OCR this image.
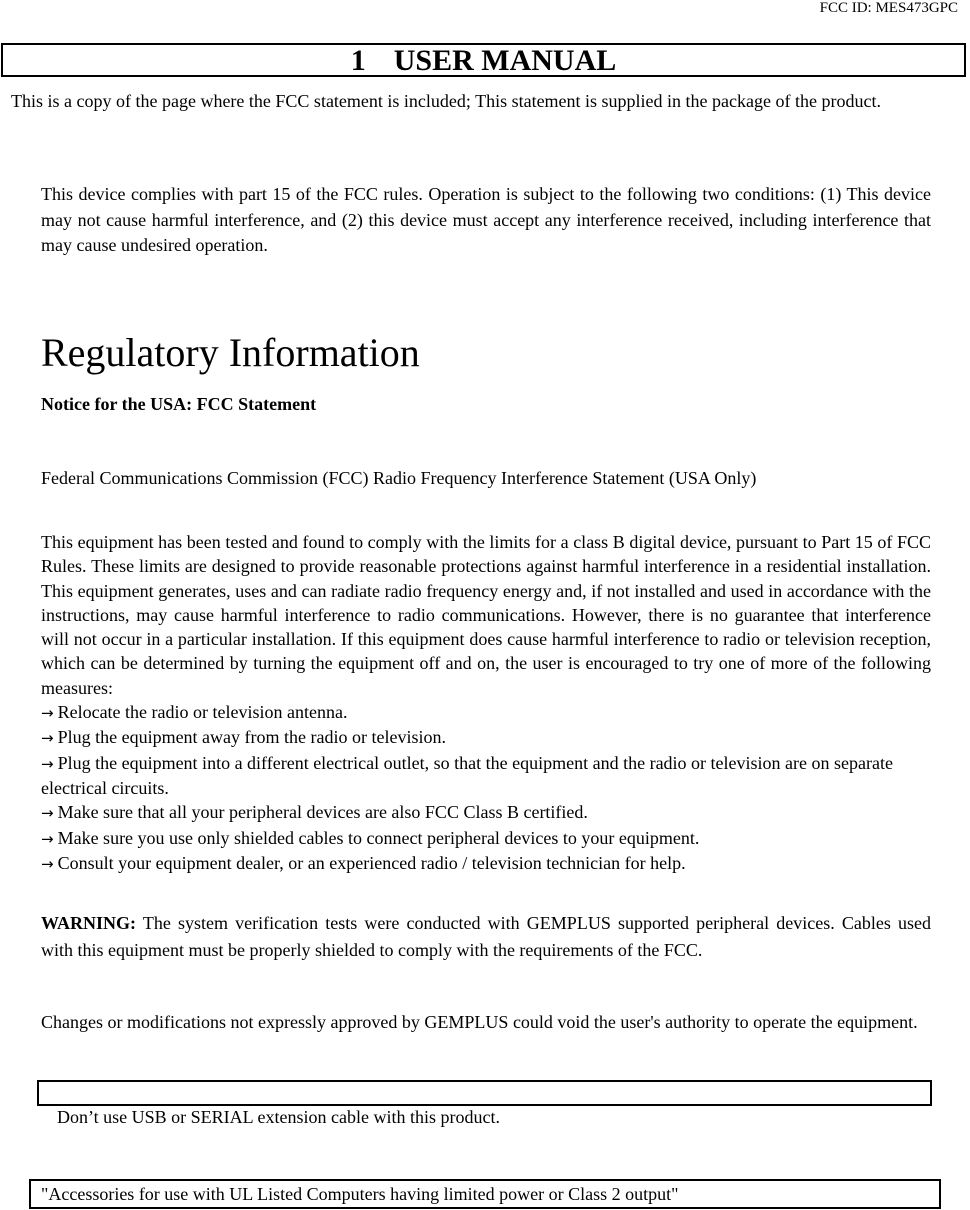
FCC ID: MES473GPC
1 USER MANUAL
This is a copy of the page where the FCC statement is included; This statement is supplied in the package of the product.
This device complies with part 15 of the FCC rules. Operation is subject to the following two conditions: (1) This device may not cause harmful interference, and (2) this device must accept any interference received, including interference that may cause undesired operation.
Regulatory Information
Notice for the USA: FCC Statement
Federal Communications Commission (FCC) Radio Frequency Interference Statement (USA Only)
This equipment has been tested and found to comply with the limits for a class B digital device, pursuant to Part 15 of FCC Rules. These limits are designed to provide reasonable protections against harmful interference in a residential installation. This equipment generates, uses and can radiate radio frequency energy and, if not installed and used in accordance with the instructions, may cause harmful interference to radio communications. However, there is no guarantee that interference will not occur in a particular installation. If this equipment does cause harmful interference to radio or television reception, which can be determined by turning the equipment off and on, the user is encouraged to try one of more of the following measures:
→ Relocate the radio or television antenna.
→ Plug the equipment away from the radio or television.
→ Plug the equipment into a different electrical outlet, so that the equipment and the radio or television are on separate electrical circuits.
→ Make sure that all your peripheral devices are also FCC Class B certified.
→ Make sure you use only shielded cables to connect peripheral devices to your equipment.
→ Consult your equipment dealer, or an experienced radio / television technician for help.
WARNING: The system verification tests were conducted with GEMPLUS supported peripheral devices. Cables used with this equipment must be properly shielded to comply with the requirements of the FCC.
Changes or modifications not expressly approved by GEMPLUS could void the user's authority to operate the equipment.
Don’t use USB or SERIAL extension cable with this product.
"Accessories for use with UL Listed Computers having limited power or Class 2 output"
